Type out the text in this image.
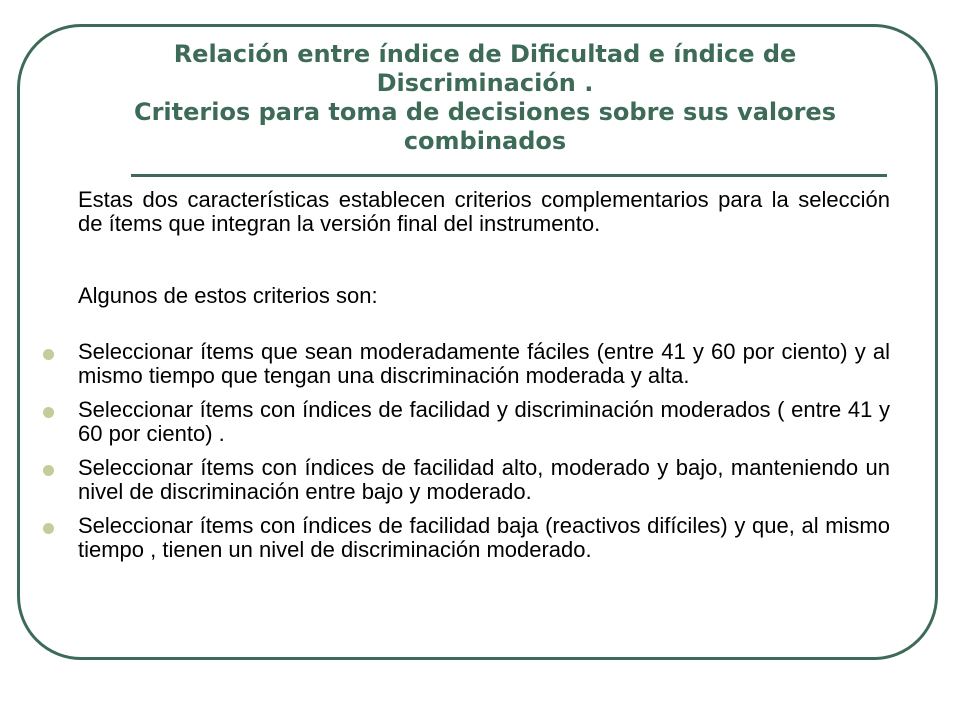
Relación entre índice de Dificultad e índice de Discriminación .
Criterios para toma de decisiones sobre sus valores combinados

Estas dos características establecen criterios complementarios para la selección de ítems que integran la versión final del instrumento.

Algunos de estos criterios son:

Seleccionar ítems que sean moderadamente fáciles (entre 41 y 60 por ciento) y al mismo tiempo que tengan una discriminación moderada y alta.
Seleccionar ítems con índices de facilidad y discriminación moderados ( entre 41 y 60 por ciento) .
Seleccionar ítems con índices de facilidad alto, moderado y bajo, manteniendo un nivel de discriminación entre bajo y moderado.
Seleccionar ítems con índices de facilidad baja (reactivos difíciles) y que, al mismo tiempo , tienen un nivel de discriminación moderado.
